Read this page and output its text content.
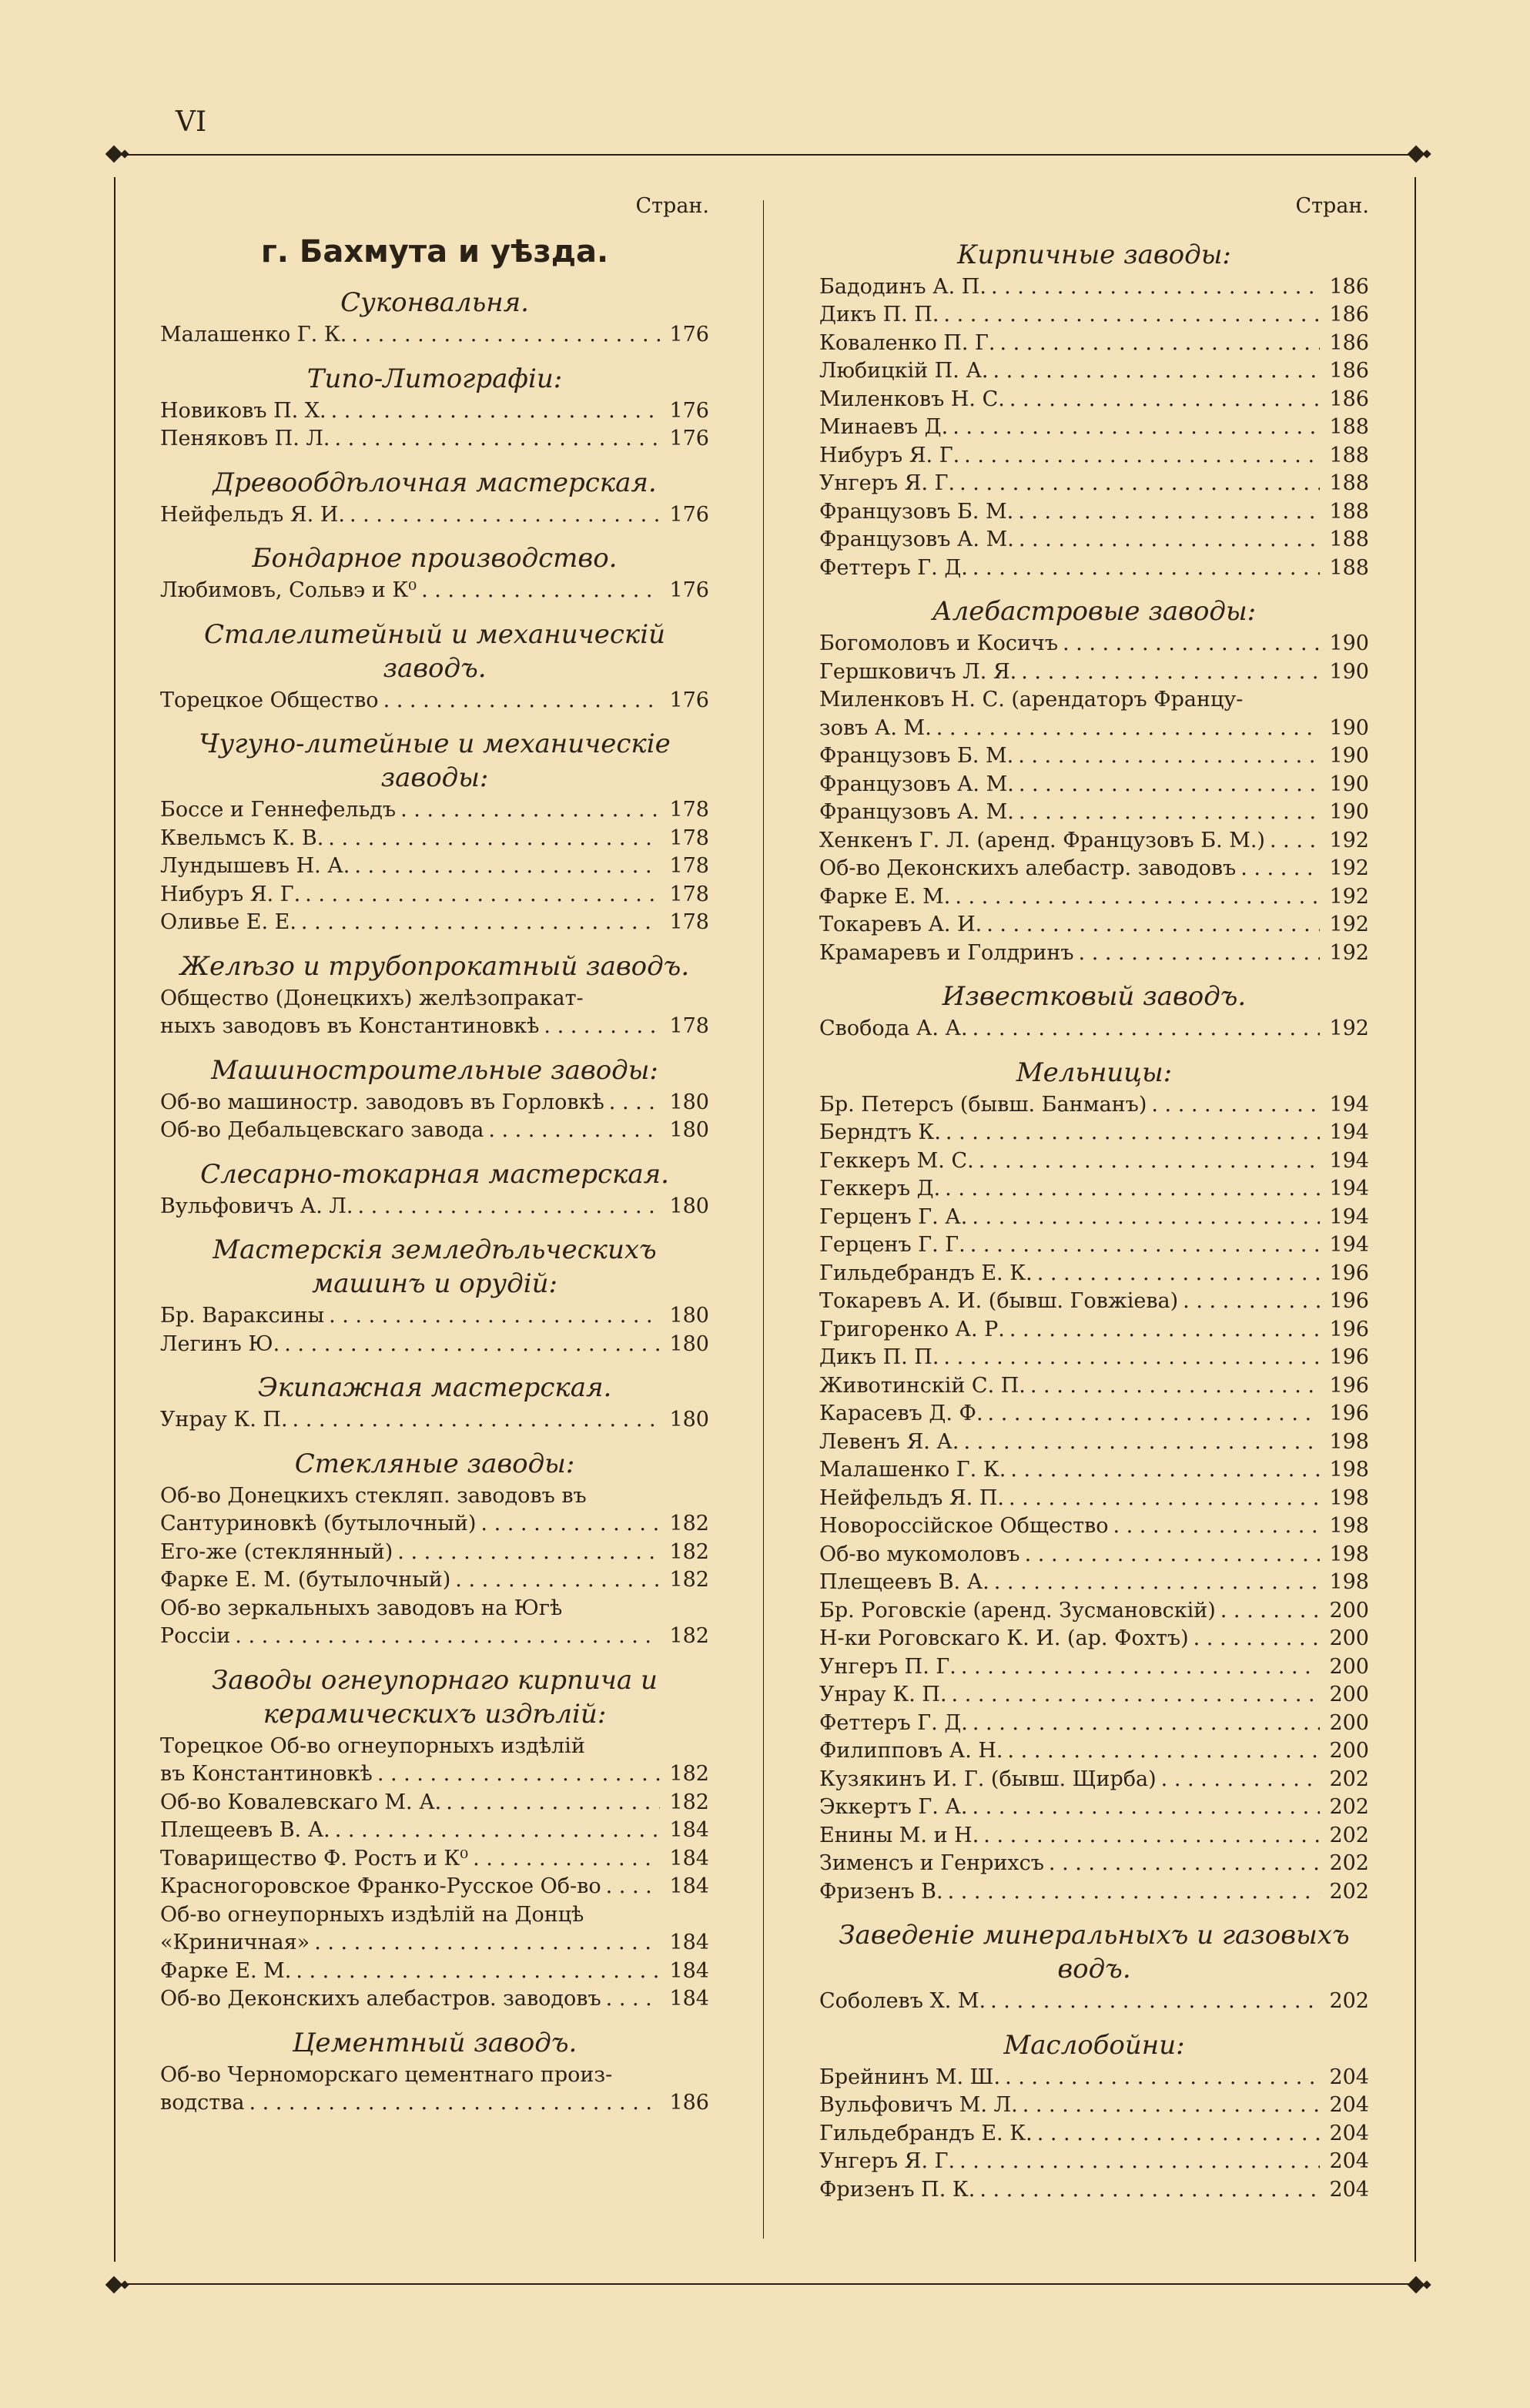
VI
Стран.
г. Бахмута и уѣзда.
Суконвальня.
Малашенко Г. К. . . .	176
Типо-Литографiи:
Новиковъ П. Х. . . .	176
Пеняковъ П. Л. . . .	176
Древообдѣлочная мастерская.
Нейфельдъ Я. И. . . .	176
Бондарное производство.
Любимовъ, Сольвэ и К⁰ . . .	176
Сталелитейный и механическiй заводъ.
Торецкое Общество . . .	176
Чугуно-литейные и механическiе заводы:
Боссе и Геннефельдъ . . .	178
Квельмсъ К. В. . . .	178
Лундышевъ Н. А. . . .	178
Нибуръ Я. Г. . . .	178
Оливье Е. Е. . . .	178
Желѣзо и трубопрокатный заводъ.
Общество (Донецкихъ) желѣзопракат-
ныхъ заводовъ въ Константиновкѣ . . .	178
Машиностроительные заводы:
Об-во машиностр. заводовъ въ Горловкѣ . . .	180
Об-во Дебальцевскаго завода . . .	180
Слесарно-токарная мастерская.
Вульфовичъ А. Л. . . .	180
Мастерскiя земледѣльческихъ машинъ и орудiй:
Бр. Вараксины . . .	180
Легинъ Ю. . . .	180
Экипажная мастерская.
Унрау К. П. . . .	180
Стекляные заводы:
Об-во Донецкихъ стекляп. заводовъ въ
Сантуриновкѣ (бутылочный) . . .	182
Его-же (стеклянный) . . .	182
Фарке Е. М. (бутылочный) . . .	182
Об-во зеркальныхъ заводовъ на Югѣ
Россiи . . .	182
Заводы огнеупорнаго кирпича и керамическихъ издѣлiй:
Торецкое Об-во огнеупорныхъ издѣлiй
въ Константиновкѣ . . .	182
Об-во Ковалевскаго М. А. . . .	182
Плещеевъ В. А. . . .	184
Товарищество Ф. Ростъ и К⁰ . . .	184
Красногоровское Франко-Русское Об-во . . .	184
Об-во огнеупорныхъ издѣлiй на Донцѣ
«Криничная» . . .	184
Фарке Е. М. . . .	184
Об-во Деконскихъ алебастров. заводовъ . . .	184
Цементный заводъ.
Об-во Черноморскаго цементнаго произ-
водства . . .	186
Стран.
Кирпичные заводы:
Бадодинъ А. П. . . .	186
Дикъ П. П. . . .	186
Коваленко П. Г. . . .	186
Любицкiй П. А. . . .	186
Миленковъ Н. С. . . .	186
Минаевъ Д. . . .	188
Нибуръ Я. Г. . . .	188
Унгеръ Я. Г. . . .	188
Французовъ Б. М. . . .	188
Французовъ А. М. . . .	188
Феттеръ Г. Д. . . .	188
Алебастровые заводы:
Богомоловъ и Косичъ . . .	190
Гершковичъ Л. Я. . . .	190
Миленковъ Н. С. (арендаторъ Францу-
зовъ А. М. . . .	190
Французовъ Б. М. . . .	190
Французовъ А. М. . . .	190
Французовъ А. М. . . .	190
Хенкенъ Г. Л. (аренд. Французовъ Б. М.) . . .	192
Об-во Деконскихъ алебастр. заводовъ . . .	192
Фарке Е. М. . . .	192
Токаревъ А. И. . . .	192
Крамаревъ и Голдринъ . . .	192
Известковый заводъ.
Свобода А. А. . . .	192
Мельницы:
Бр. Петерсъ (бывш. Банманъ) . . .	194
Берндтъ К. . . .	194
Геккеръ М. С. . . .	194
Геккеръ Д. . . .	194
Герценъ Г. А. . . .	194
Герценъ Г. Г. . . .	194
Гильдебрандъ Е. К. . . .	196
Токаревъ А. И. (бывш. Говжiева) . . .	196
Григоренко А. Р. . . .	196
Дикъ П. П. . . .	196
Животинскiй С. П. . . .	196
Карасевъ Д. Ф. . . .	196
Левенъ Я. А. . . .	198
Малашенко Г. К. . . .	198
Нейфельдъ Я. П. . . .	198
Новороссiйское Общество . . .	198
Об-во мукомоловъ . . .	198
Плещеевъ В. А. . . .	198
Бр. Роговскiе (аренд. Зусмановскiй) . . .	200
Н-ки Роговскаго К. И. (ар. Фохтъ) . . .	200
Унгеръ П. Г. . . .	200
Унрау К. П. . . .	200
Феттеръ Г. Д. . . .	200
Филипповъ А. Н. . . .	200
Кузякинъ И. Г. (бывш. Щирба) . . .	202
Эккертъ Г. А. . . .	202
Енины М. и Н. . . .	202
Зименсъ и Генрихсъ . . .	202
Фризенъ В. . . .	202
Заведенiе минеральныхъ и газовыхъ водъ.
Соболевъ Х. М. . . .	202
Маслобойни:
Брейнинъ М. Ш. . . .	204
Вульфовичъ М. Л. . . .	204
Гильдебрандъ Е. К. . . .	204
Унгеръ Я. Г. . . .	204
Фризенъ П. К. . . .	204
